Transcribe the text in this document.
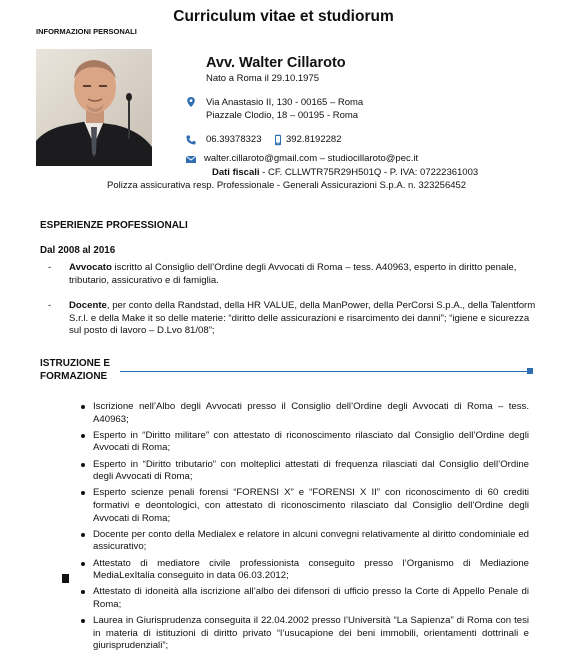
Curriculum vitae et studiorum
INFORMAZIONI PERSONALI
Avv. Walter Cillaroto
Nato a Roma il 29.10.1975
Via Anastasio II, 130 - 00165 – Roma
Piazzale Clodio, 18 – 00195 - Roma
06.39378323	392.8192282
walter.cillaroto@gmail.com – studiocillaroto@pec.it
Dati fiscali - CF. CLLWTR75R29H501Q - P. IVA: 07222361003
Polizza assicurativa resp. Professionale - Generali Assicurazioni S.p.A. n. 323256452
ESPERIENZE PROFESSIONALI
Dal 2008 al 2016
- Avvocato iscritto al Consiglio dell’Ordine degli Avvocati di Roma – tess. A40963, esperto in diritto penale, tributario, assicurativo e di famiglia.
- Docente, per conto della Randstad, della HR VALUE, della ManPower, della PerCorsi S.p.A., della Talentform S.r.l. e della Make it so delle materie: “diritto delle assicurazioni e risarcimento dei danni”; “igiene e sicurezza sul posto di lavoro – D.Lvo 81/08”;
ISTRUZIONE E
FORMAZIONE
Iscrizione nell’Albo degli Avvocati presso il Consiglio dell’Ordine degli Avvocati di Roma – tess. A40963;
Esperto in “Diritto militare” con attestato di riconoscimento rilasciato dal Consiglio dell’Ordine degli Avvocati di Roma;
Esperto in “Diritto tributario” con molteplici attestati di frequenza rilasciati dal Consiglio dell’Ordine degli Avvocati di Roma;
Esperto scienze penali forensi “FORENSI X” e “FORENSI X II” con riconoscimento di 60 crediti formativi e deontologici, con attestato di riconoscimento rilasciato dal Consiglio dell’Ordine degli Avvocati di Roma;
Docente per conto della Medialex e relatore in alcuni convegni relativamente al diritto condominiale ed assicurativo;
Attestato di mediatore civile professionista conseguito presso l’Organismo di Mediazione MediaLexItalia conseguito in data 06.03.2012;
Attestato di idoneità alla iscrizione all’albo dei difensori di ufficio presso la Corte di Appello Penale di Roma;
Laurea in Giurisprudenza conseguita il 22.04.2002 presso l’Università “La Sapienza” di Roma con tesi in materia di istituzioni di diritto privato “l’usucapione dei beni immobili, orientamenti dottrinali e giurisprudenziali”;
